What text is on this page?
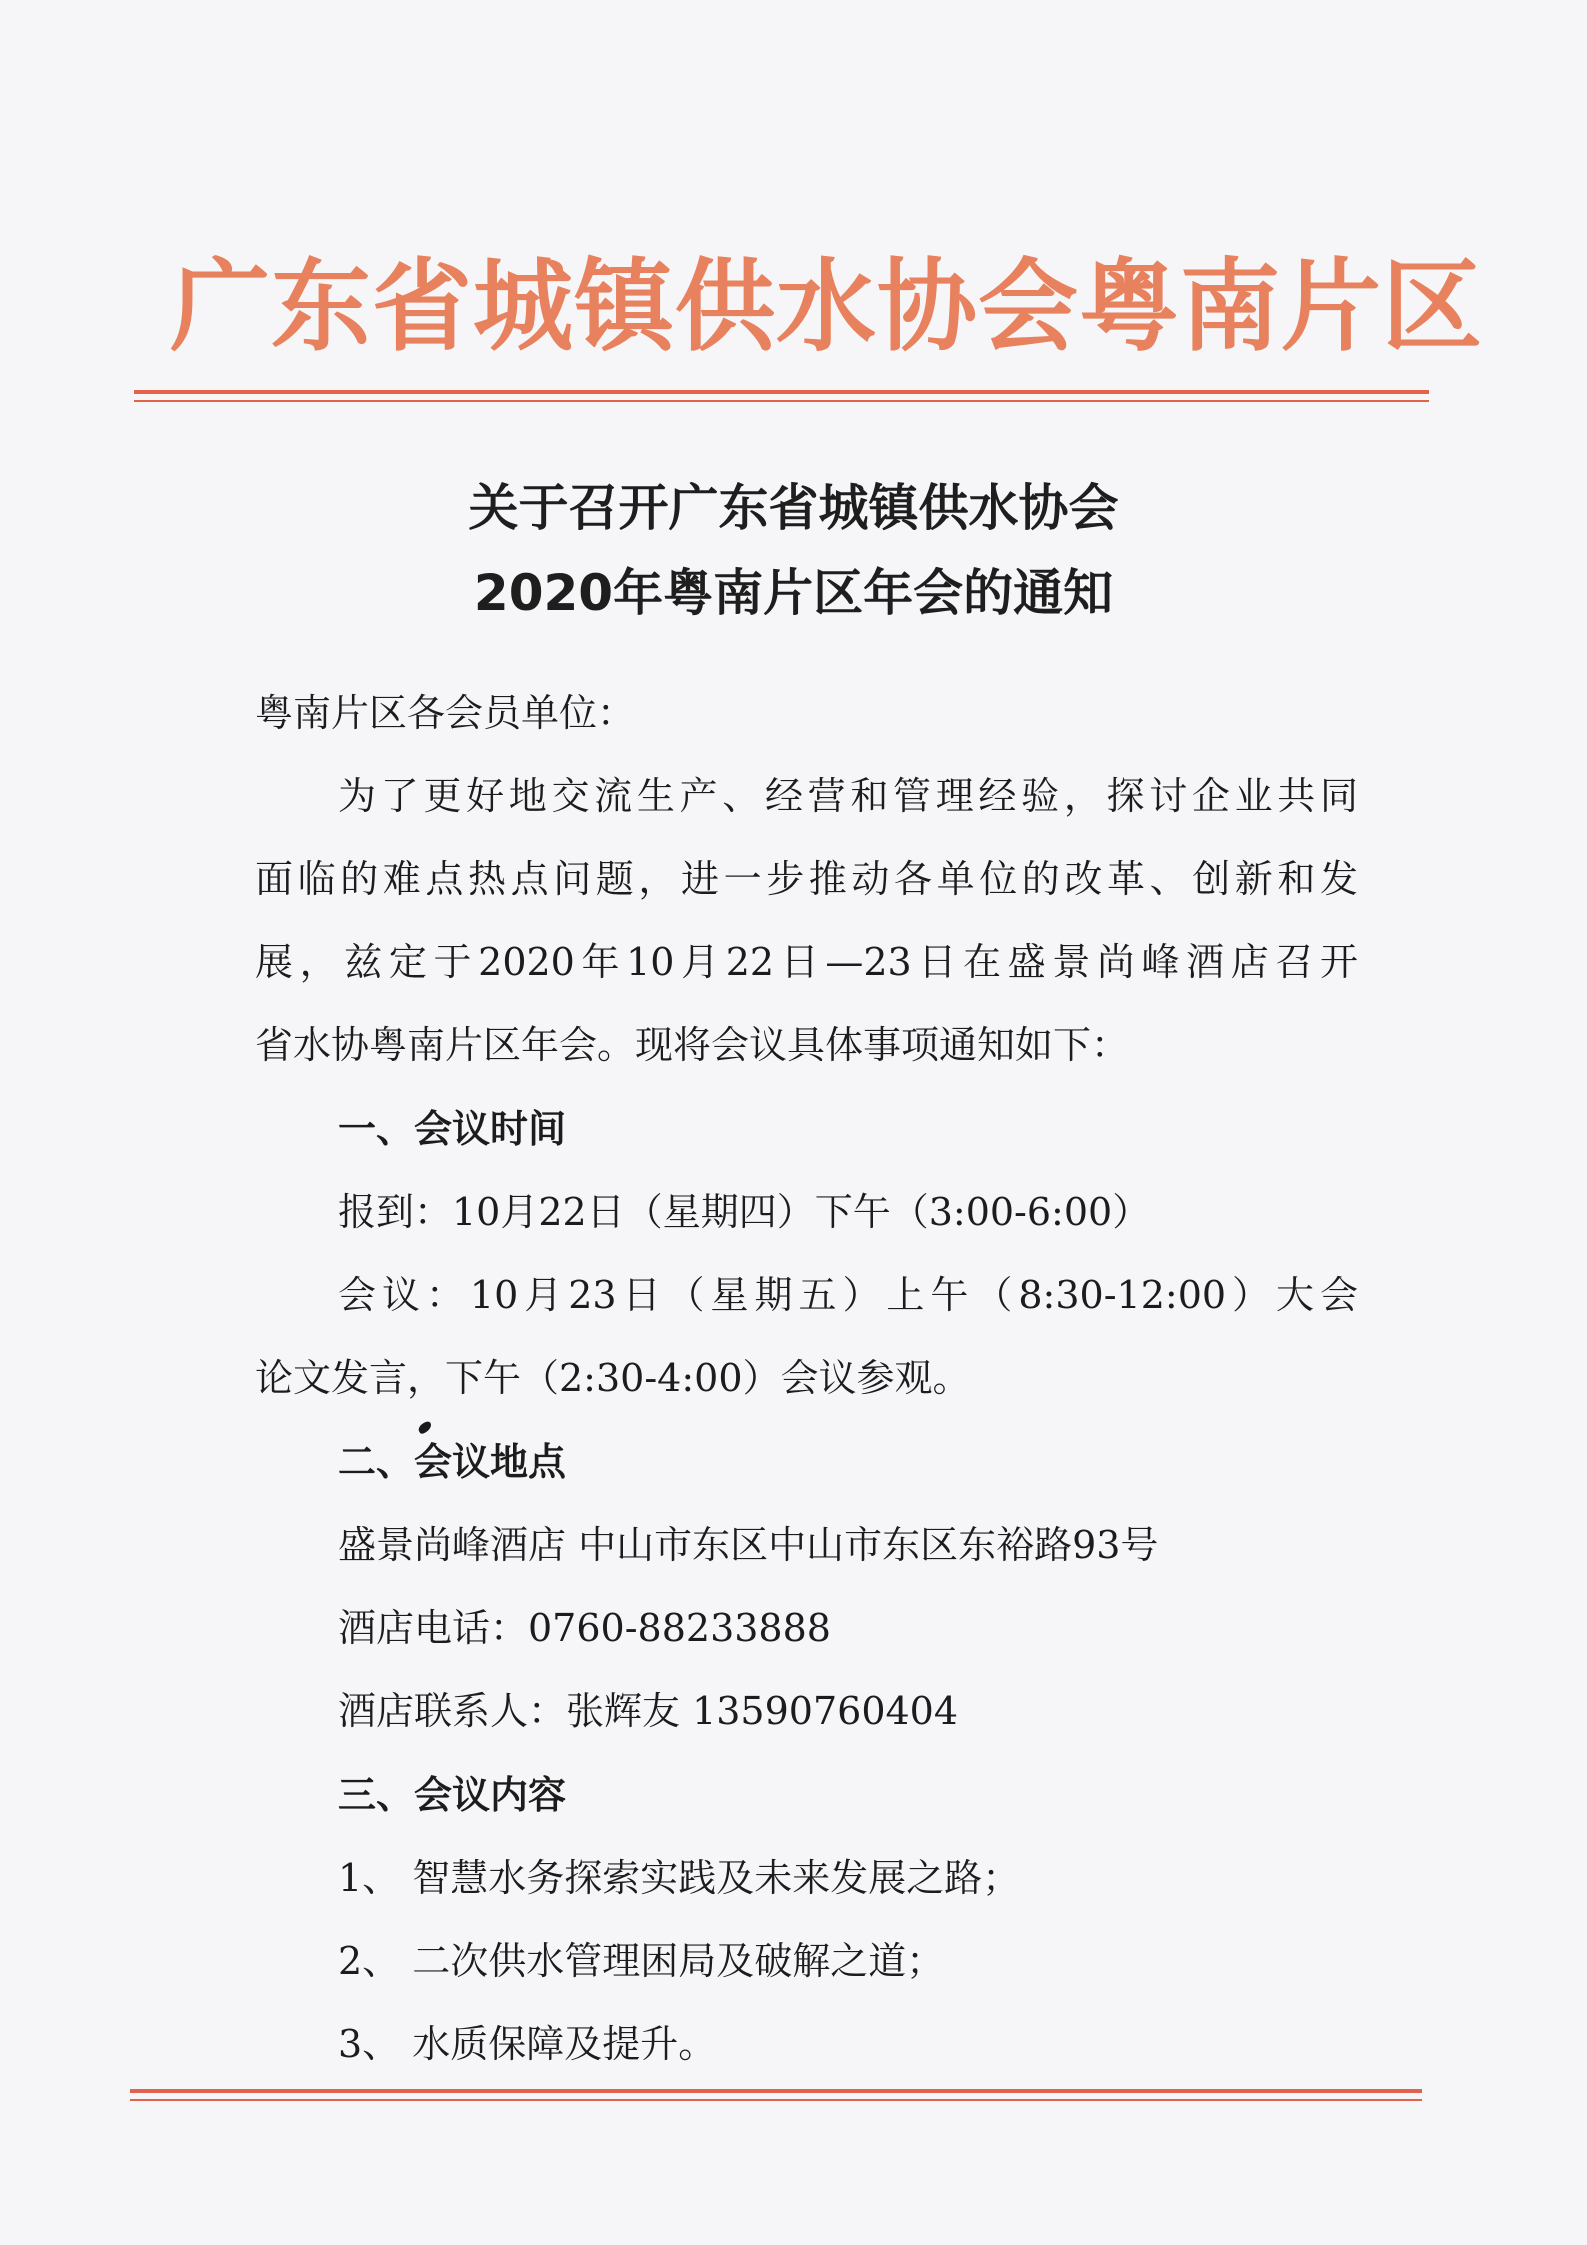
广东省城镇供水协会粤南片区
关于召开广东省城镇供水协会
2020年粤南片区年会的通知
粤南片区各会员单位：
为了更好地交流生产、经营和管理经验，探讨企业共同
面临的难点热点问题，进一步推动各单位的改革、创新和发
展，兹定于2020年10月22日—23日在盛景尚峰酒店召开
省水协粤南片区年会。现将会议具体事项通知如下：
一、会议时间
报到：10月22日（星期四）下午（3:00-6:00）
会议：10月23日（星期五）上午（8:30-12:00）大会
论文发言，下午（2:30-4:00）会议参观。
二、会议地点
盛景尚峰酒店 中山市东区中山市东区东裕路93号
酒店电话：0760-88233888
酒店联系人：张辉友 13590760404
三、会议内容
1、 智慧水务探索实践及未来发展之路；
2、 二次供水管理困局及破解之道；
3、 水质保障及提升。
